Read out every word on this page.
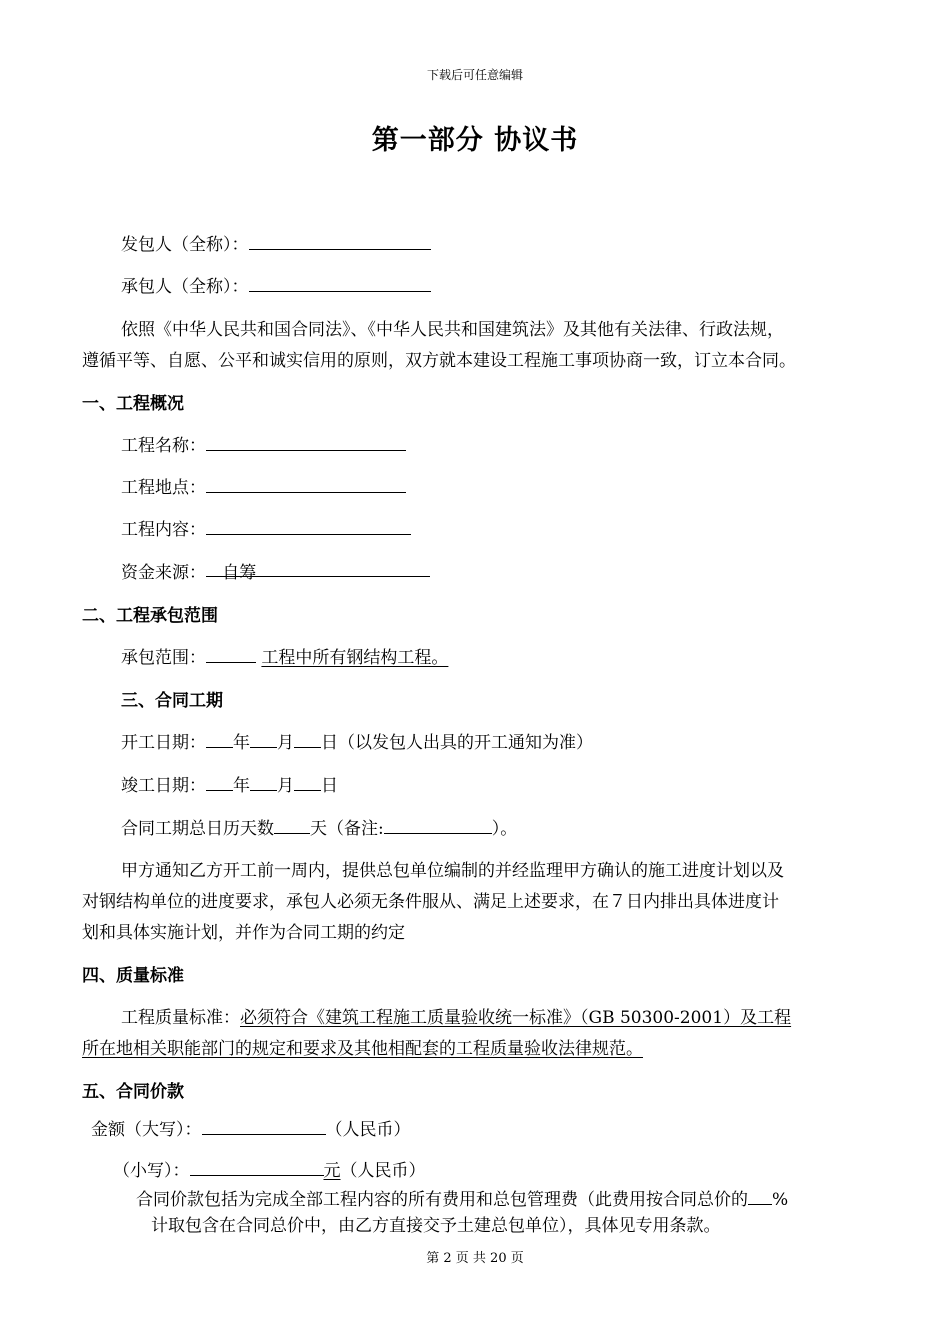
下载后可任意编辑
第一部分 协议书
发包人（全称）：
承包人（全称）：
依照《中华人民共和国合同法》、《中华人民共和国建筑法》及其他有关法律、行政法规，
遵循平等、自愿、公平和诚实信用的原则，双方就本建设工程施工事项协商一致，订立本合同。
一、工程概况
工程名称：
工程地点：
工程内容：
资金来源： 自筹
二、工程承包范围
承包范围：	工程中所有钢结构工程。
三、合同工期
开工日期： 年 月 日（以发包人出具的开工通知为准）
竣工日期： 年 月 日
合同工期总日历天数 天（备注:	）。
甲方通知乙方开工前一周内，提供总包单位编制的并经监理甲方确认的施工进度计划以及
对钢结构单位的进度要求，承包人必须无条件服从、满足上述要求，在７日内排出具体进度计
划和具体实施计划，并作为合同工期的约定
四、质量标准
工程质量标准：必须符合《建筑工程施工质量验收统一标准》（GB 50300-2001）及工程
所在地相关职能部门的规定和要求及其他相配套的工程质量验收法律规范。
五、合同价款
金额（大写）：	（人民币）
（小写）：	元（人民币）
合同价款包括为完成全部工程内容的所有费用和总包管理费（此费用按合同总价的 %
计取包含在合同总价中，由乙方直接交予土建总包单位），具体见专用条款。
第 2 页 共 20 页
